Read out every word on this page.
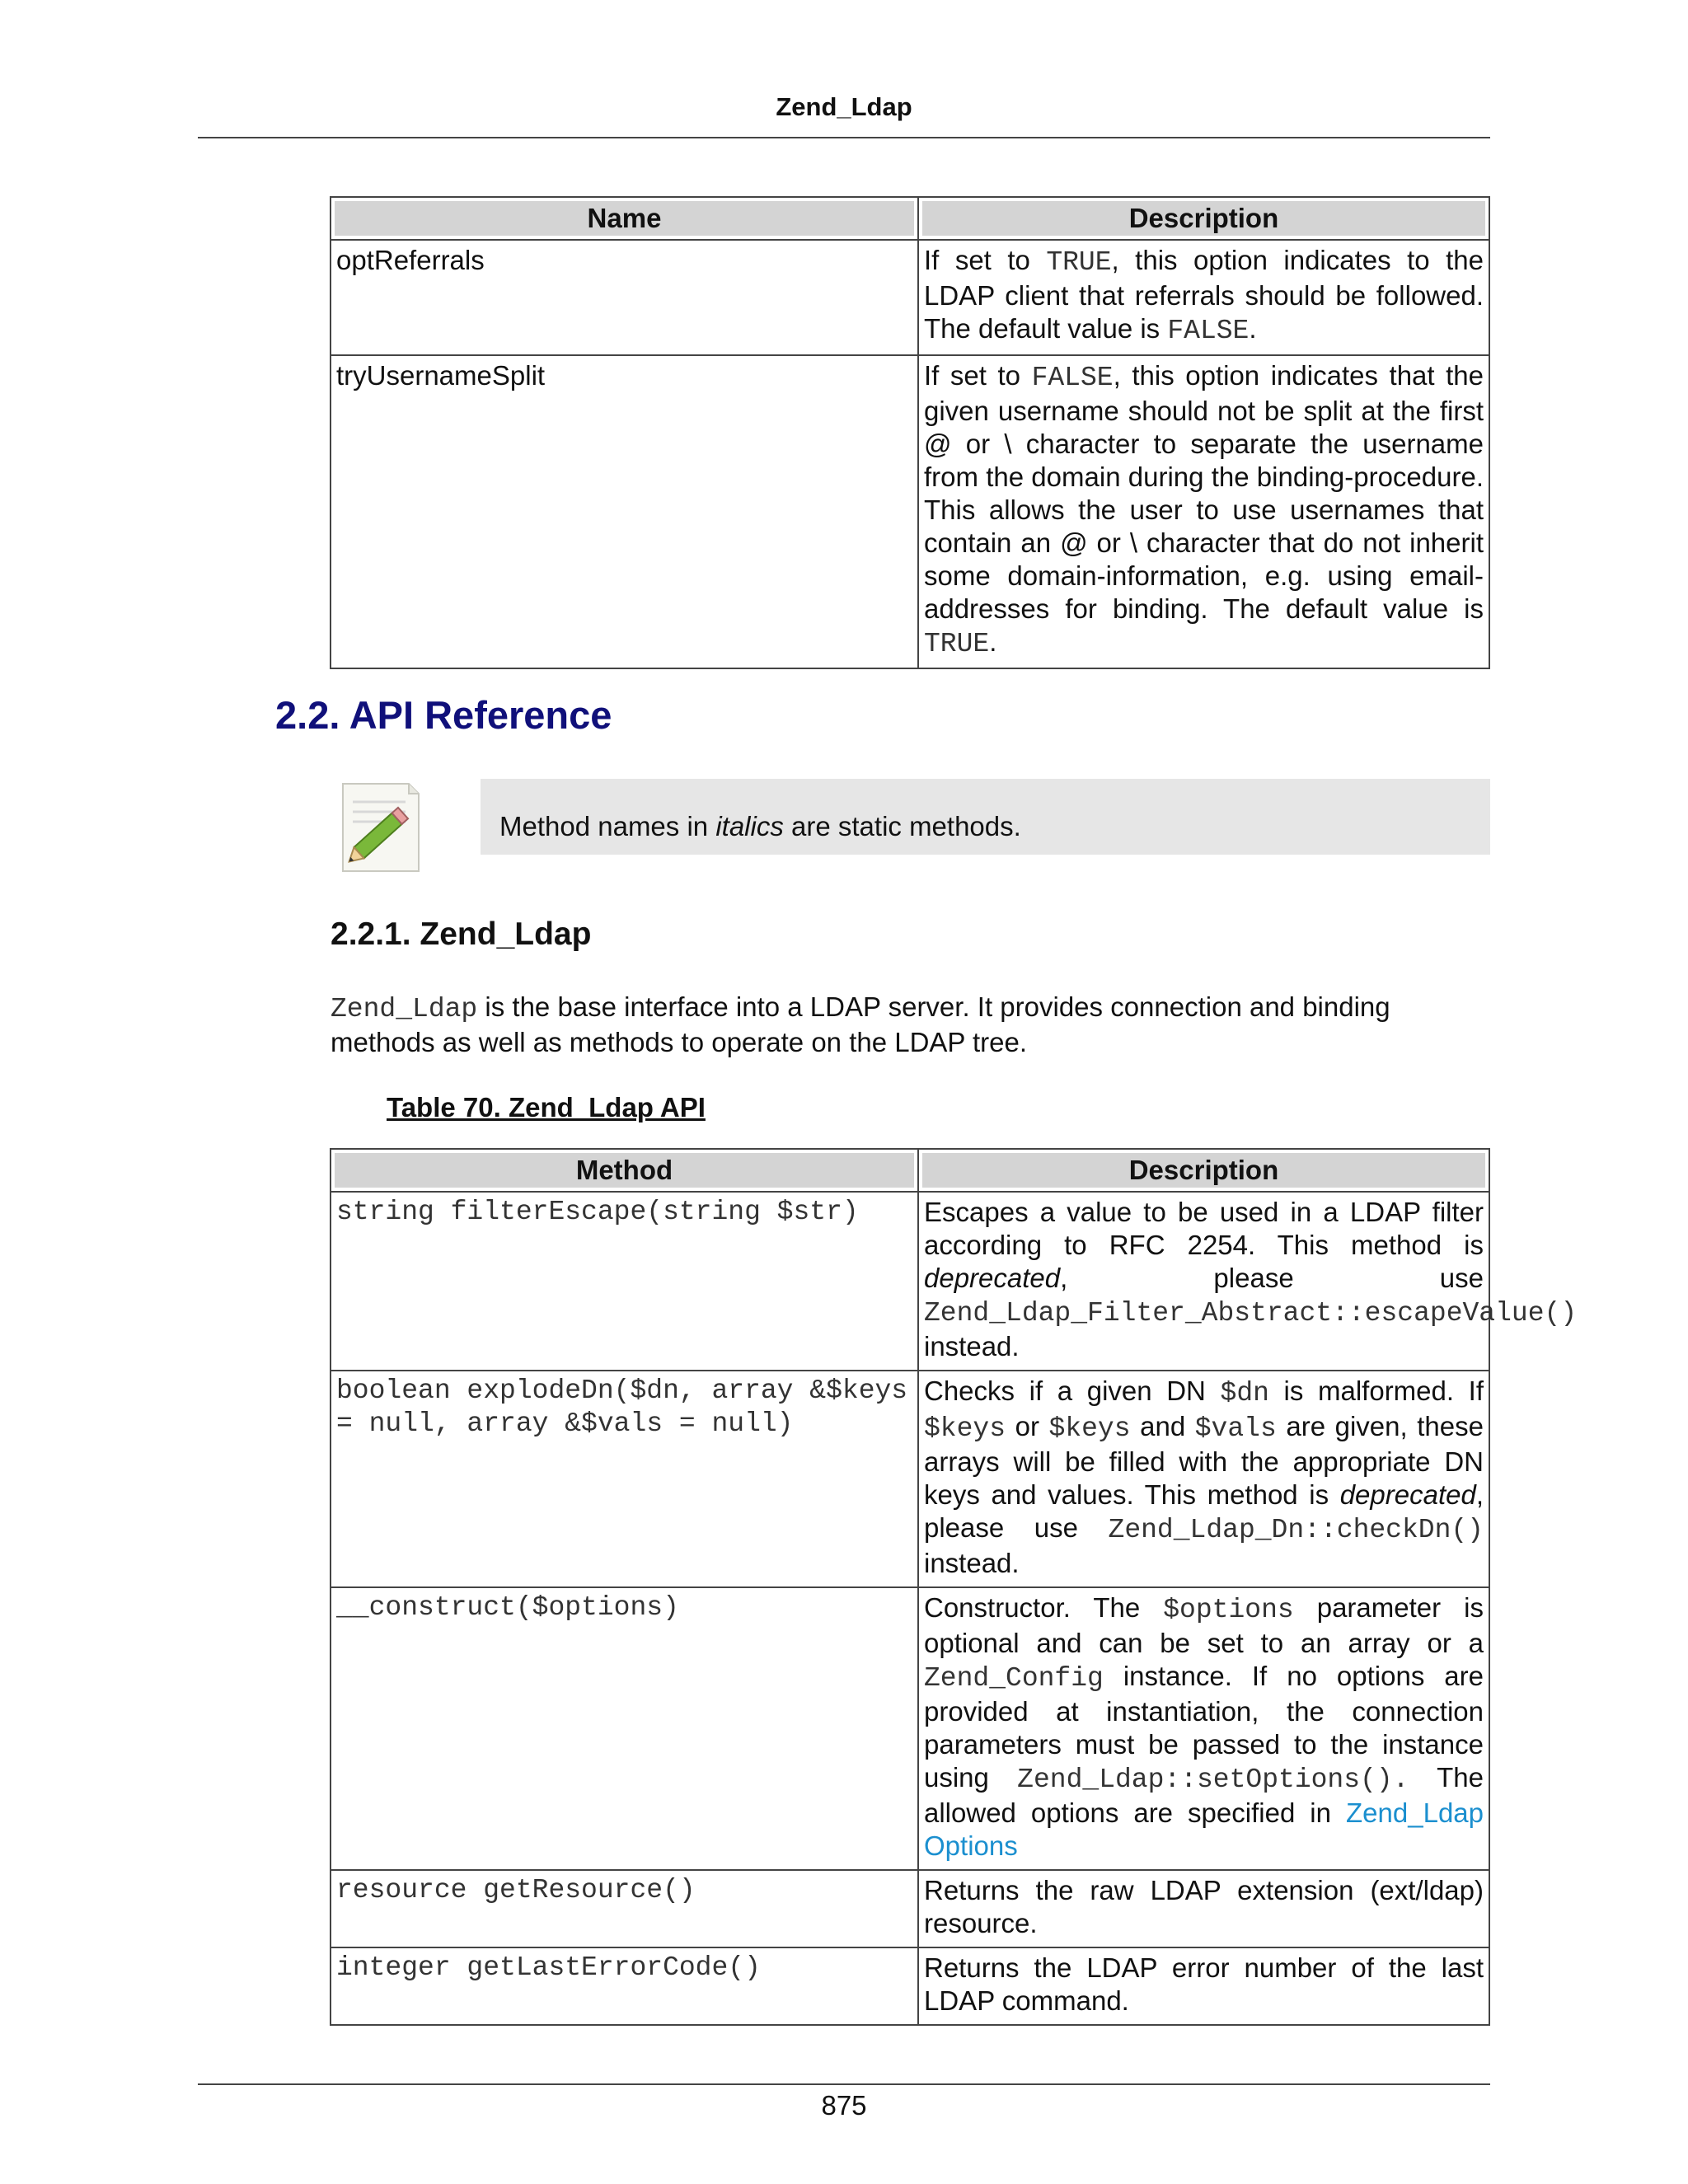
Zend_Ldap
Name	Description

optReferrals	If set to TRUE, this option indicates to the LDAP client that referrals should be followed. The default value is FALSE.
tryUsernameSplit	If set to FALSE, this option indicates that the given username should not be split at the first @ or \ character to separate the username from the domain during the binding-procedure. This allows the user to use usernames that contain an @ or \ character that do not inherit some domain-information, e.g. using email-addresses for binding. The default value is TRUE.
2.2. API Reference
Method names in italics are static methods.
2.2.1. Zend_Ldap

Zend_Ldap is the base interface into a LDAP server. It provides connection and binding methods as well as methods to operate on the LDAP tree.

Table 70. Zend_Ldap API

Method	Description

string filterEscape(string $str)	Escapes a value to be used in a LDAP filter according to RFC 2254. This method is deprecated, please use Zend_Ldap_Filter_Abstract::escapeValue() instead.
boolean explodeDn($dn, array &$keys = null, array &$vals = null)	Checks if a given DN $dn is malformed. If $keys or $keys and $vals are given, these arrays will be filled with the appropriate DN keys and values. This method is deprecated, please use Zend_Ldap_Dn::checkDn() instead.
__construct($options)	Constructor. The $options parameter is optional and can be set to an array or a Zend_Config instance. If no options are provided at instantiation, the connection parameters must be passed to the instance using Zend_Ldap::setOptions(). The allowed options are specified in Zend_Ldap Options
resource getResource()	Returns the raw LDAP extension (ext/ldap) resource.
integer getLastErrorCode()	Returns the LDAP error number of the last LDAP command.
875
